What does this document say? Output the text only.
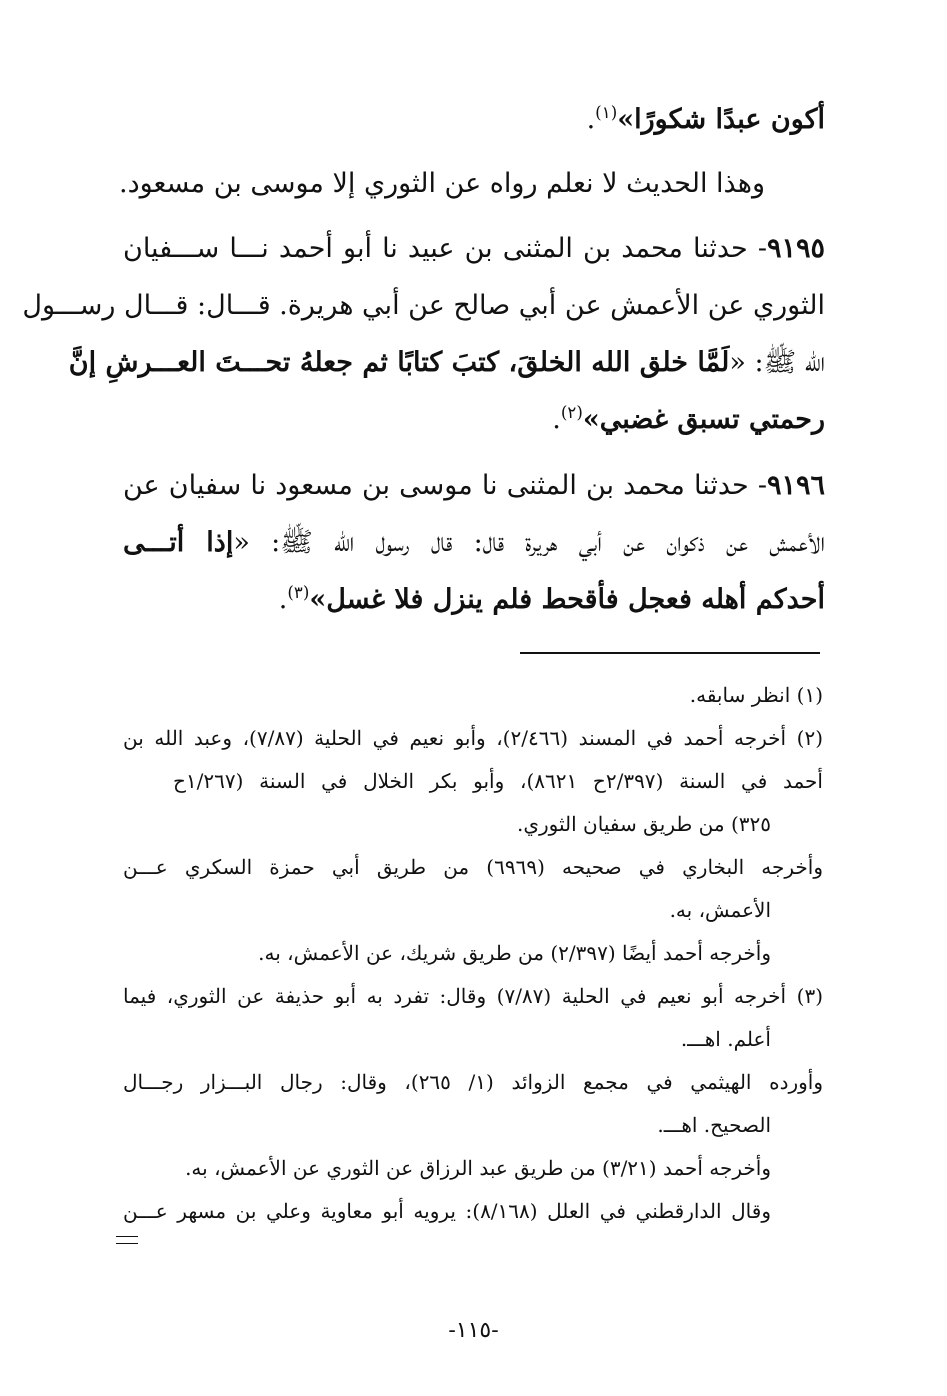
أكون عبدًا شكورًا»$^{(١)}$.
وهذا الحديث لا نعلم رواه عن الثوري إلا موسى بن مسعود.
٩١٩٥- حدثنا محمد بن المثنى بن عبيد نا أبو أحمد نـــا ســـفيان
الثوري عن الأعمش عن أبي صالح عن أبي هريرة. قـــال: قـــال رســـول
الله ﷺ: «لَمَّا خلق الله الخلقَ، كتبَ كتابًا ثم جعلهُ تحـــتَ العـــرشِ إنَّ
رحمتي تسبق غضبي»$^{(٢)}$.
٩١٩٦- حدثنا محمد بن المثنى نا موسى بن مسعود نا سفيان عن
الأعمش عن ذكوان عن أبي هريرة قال: قال رسول الله ﷺ: «إذا أتـــى
أحدكم أهله فعجل فأقحط فلم ينزل فلا غسل»$^{(٣)}$.
(١) انظر سابقه.
(٢) أخرجه أحمد في المسند (٢/٤٦٦)، وأبو نعيم في الحلية (٧/٨٧)، وعبد الله بن
أحمد في السنة (٢/٣٩٧ح ٨٦٢١)، وأبو بكر الخلال في السنة (١/٢٦٧ح
٣٢٥) من طريق سفيان الثوري.
وأخرجه البخاري في صحيحه (٦٩٦٩) من طريق أبي حمزة السكري عـــن
الأعمش، به.
وأخرجه أحمد أيضًا (٢/٣٩٧) من طريق شريك، عن الأعمش، به.
(٣) أخرجه أبو نعيم في الحلية (٧/٨٧) وقال: تفرد به أبو حذيفة عن الثوري، فيما
أعلم. اهـــ.
وأورده الهيثمي في مجمع الزوائد (١/ ٢٦٥)، وقال: رجال البـــزار رجـــال
الصحيح. اهـــ.
وأخرجه أحمد (٣/٢١) من طريق عبد الرزاق عن الثوري عن الأعمش، به.
وقال الدارقطني في العلل (٨/١٦٨): يرويه أبو معاوية وعلي بن مسهر عـــن
-١١٥-
